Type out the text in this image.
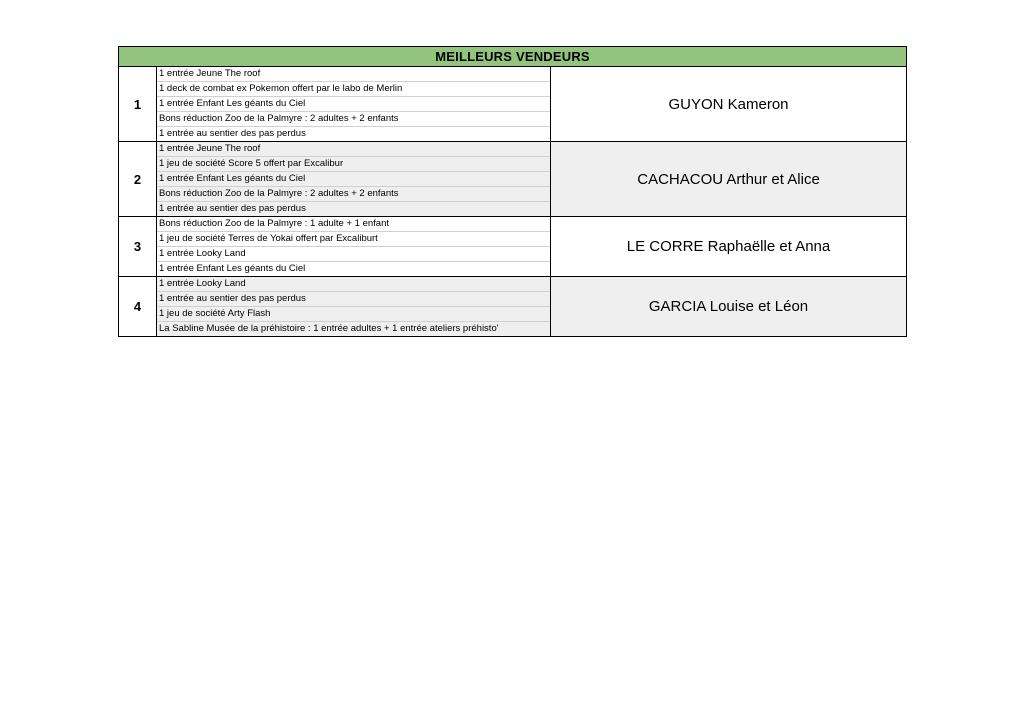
MEILLEURS VENDEURS		
1	1 entrée Jeune The roof
1 deck de combat ex Pokemon offert par le labo de Merlin
1 entrée Enfant Les géants du Ciel
Bons réduction Zoo de la Palmyre : 2 adultes + 2 enfants
1 entrée au sentier des pas perdus	GUYON Kameron
2	1 entrée Jeune The roof
1 jeu de société Score 5 offert par Excalibur
1 entrée Enfant Les géants du Ciel
Bons réduction Zoo de la Palmyre : 2 adultes + 2 enfants
1 entrée au sentier des pas perdus	CACHACOU Arthur et Alice
3	Bons réduction Zoo de la Palmyre : 1 adulte + 1 enfant
1 jeu de société Terres de Yokai offert par Excaliburt
1 entrée Looky Land
1 entrée Enfant Les géants du Ciel	LE CORRE Raphaëlle et Anna
4	1 entrée Looky Land
1 entrée au sentier des pas perdus
1 jeu de société Arty Flash
La Sabline Musée de la préhistoire : 1 entrée adultes + 1 entrée ateliers préhisto'	GARCIA Louise et Léon
